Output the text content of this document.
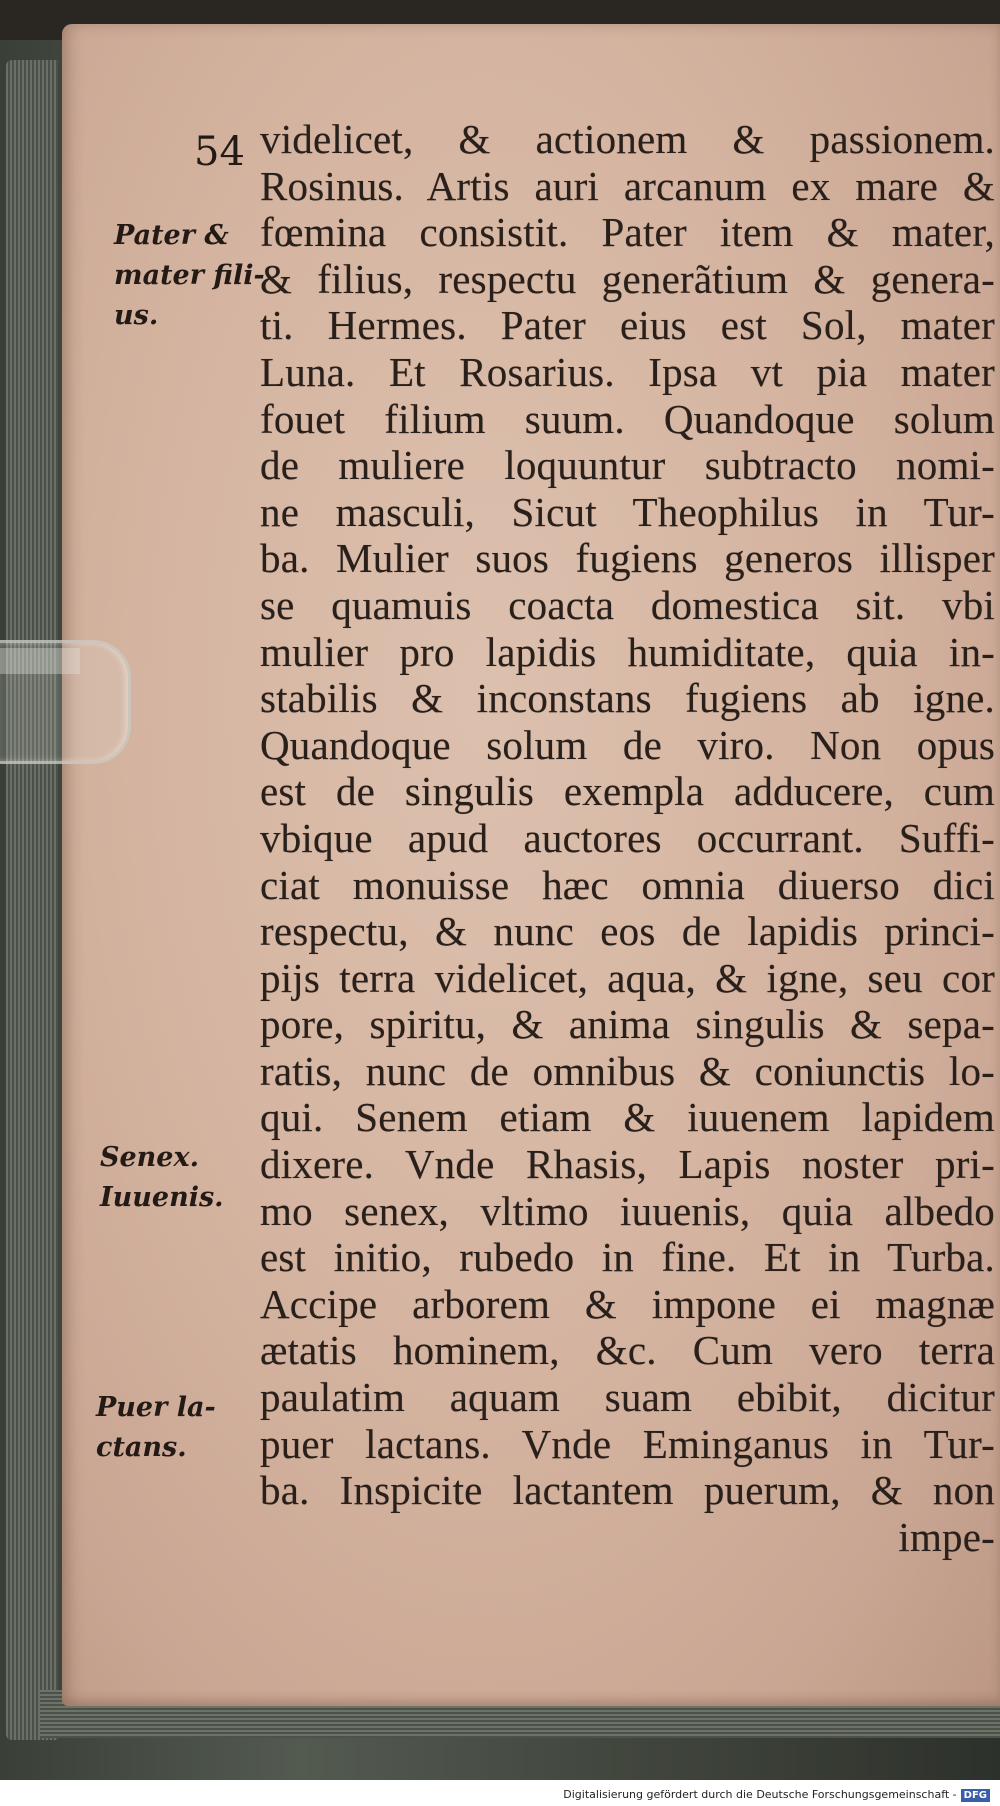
54
Pater &
mater fili-
us.
Senex.
Iuuenis.
Puer la-
ctans.
videlicet, & actionem & passionem.
Rosinus. Artis auri arcanum ex mare &
fœmina consistit. Pater item & mater,
& filius, respectu generãtium & genera-
ti. Hermes. Pater eius est Sol, mater
Luna. Et Rosarius. Ipsa vt pia mater
fouet filium suum. Quandoque solum
de muliere loquuntur subtracto nomi-
ne masculi, Sicut Theophilus in Tur-
ba. Mulier suos fugiens generos illisper
se quamuis coacta domestica sit. vbi
mulier pro lapidis humiditate, quia in-
stabilis & inconstans fugiens ab igne.
Quandoque solum de viro. Non opus
est de singulis exempla adducere, cum
vbique apud auctores occurrant. Suffi-
ciat monuisse hæc omnia diuerso dici
respectu, & nunc eos de lapidis princi-
pijs terra videlicet, aqua, & igne, seu cor
pore, spiritu, & anima singulis & sepa-
ratis, nunc de omnibus & coniunctis lo-
qui. Senem etiam & iuuenem lapidem
dixere. Vnde Rhasis, Lapis noster pri-
mo senex, vltimo iuuenis, quia albedo
est initio, rubedo in fine. Et in Turba.
Accipe arborem & impone ei magnæ
ætatis hominem, &c. Cum vero terra
paulatim aquam suam ebibit, dicitur
puer lactans. Vnde Eminganus in Tur-
ba. Inspicite lactantem puerum, & non
impe-
Digitalisierung gefördert durch die Deutsche Forschungsgemeinschaft - DFG
